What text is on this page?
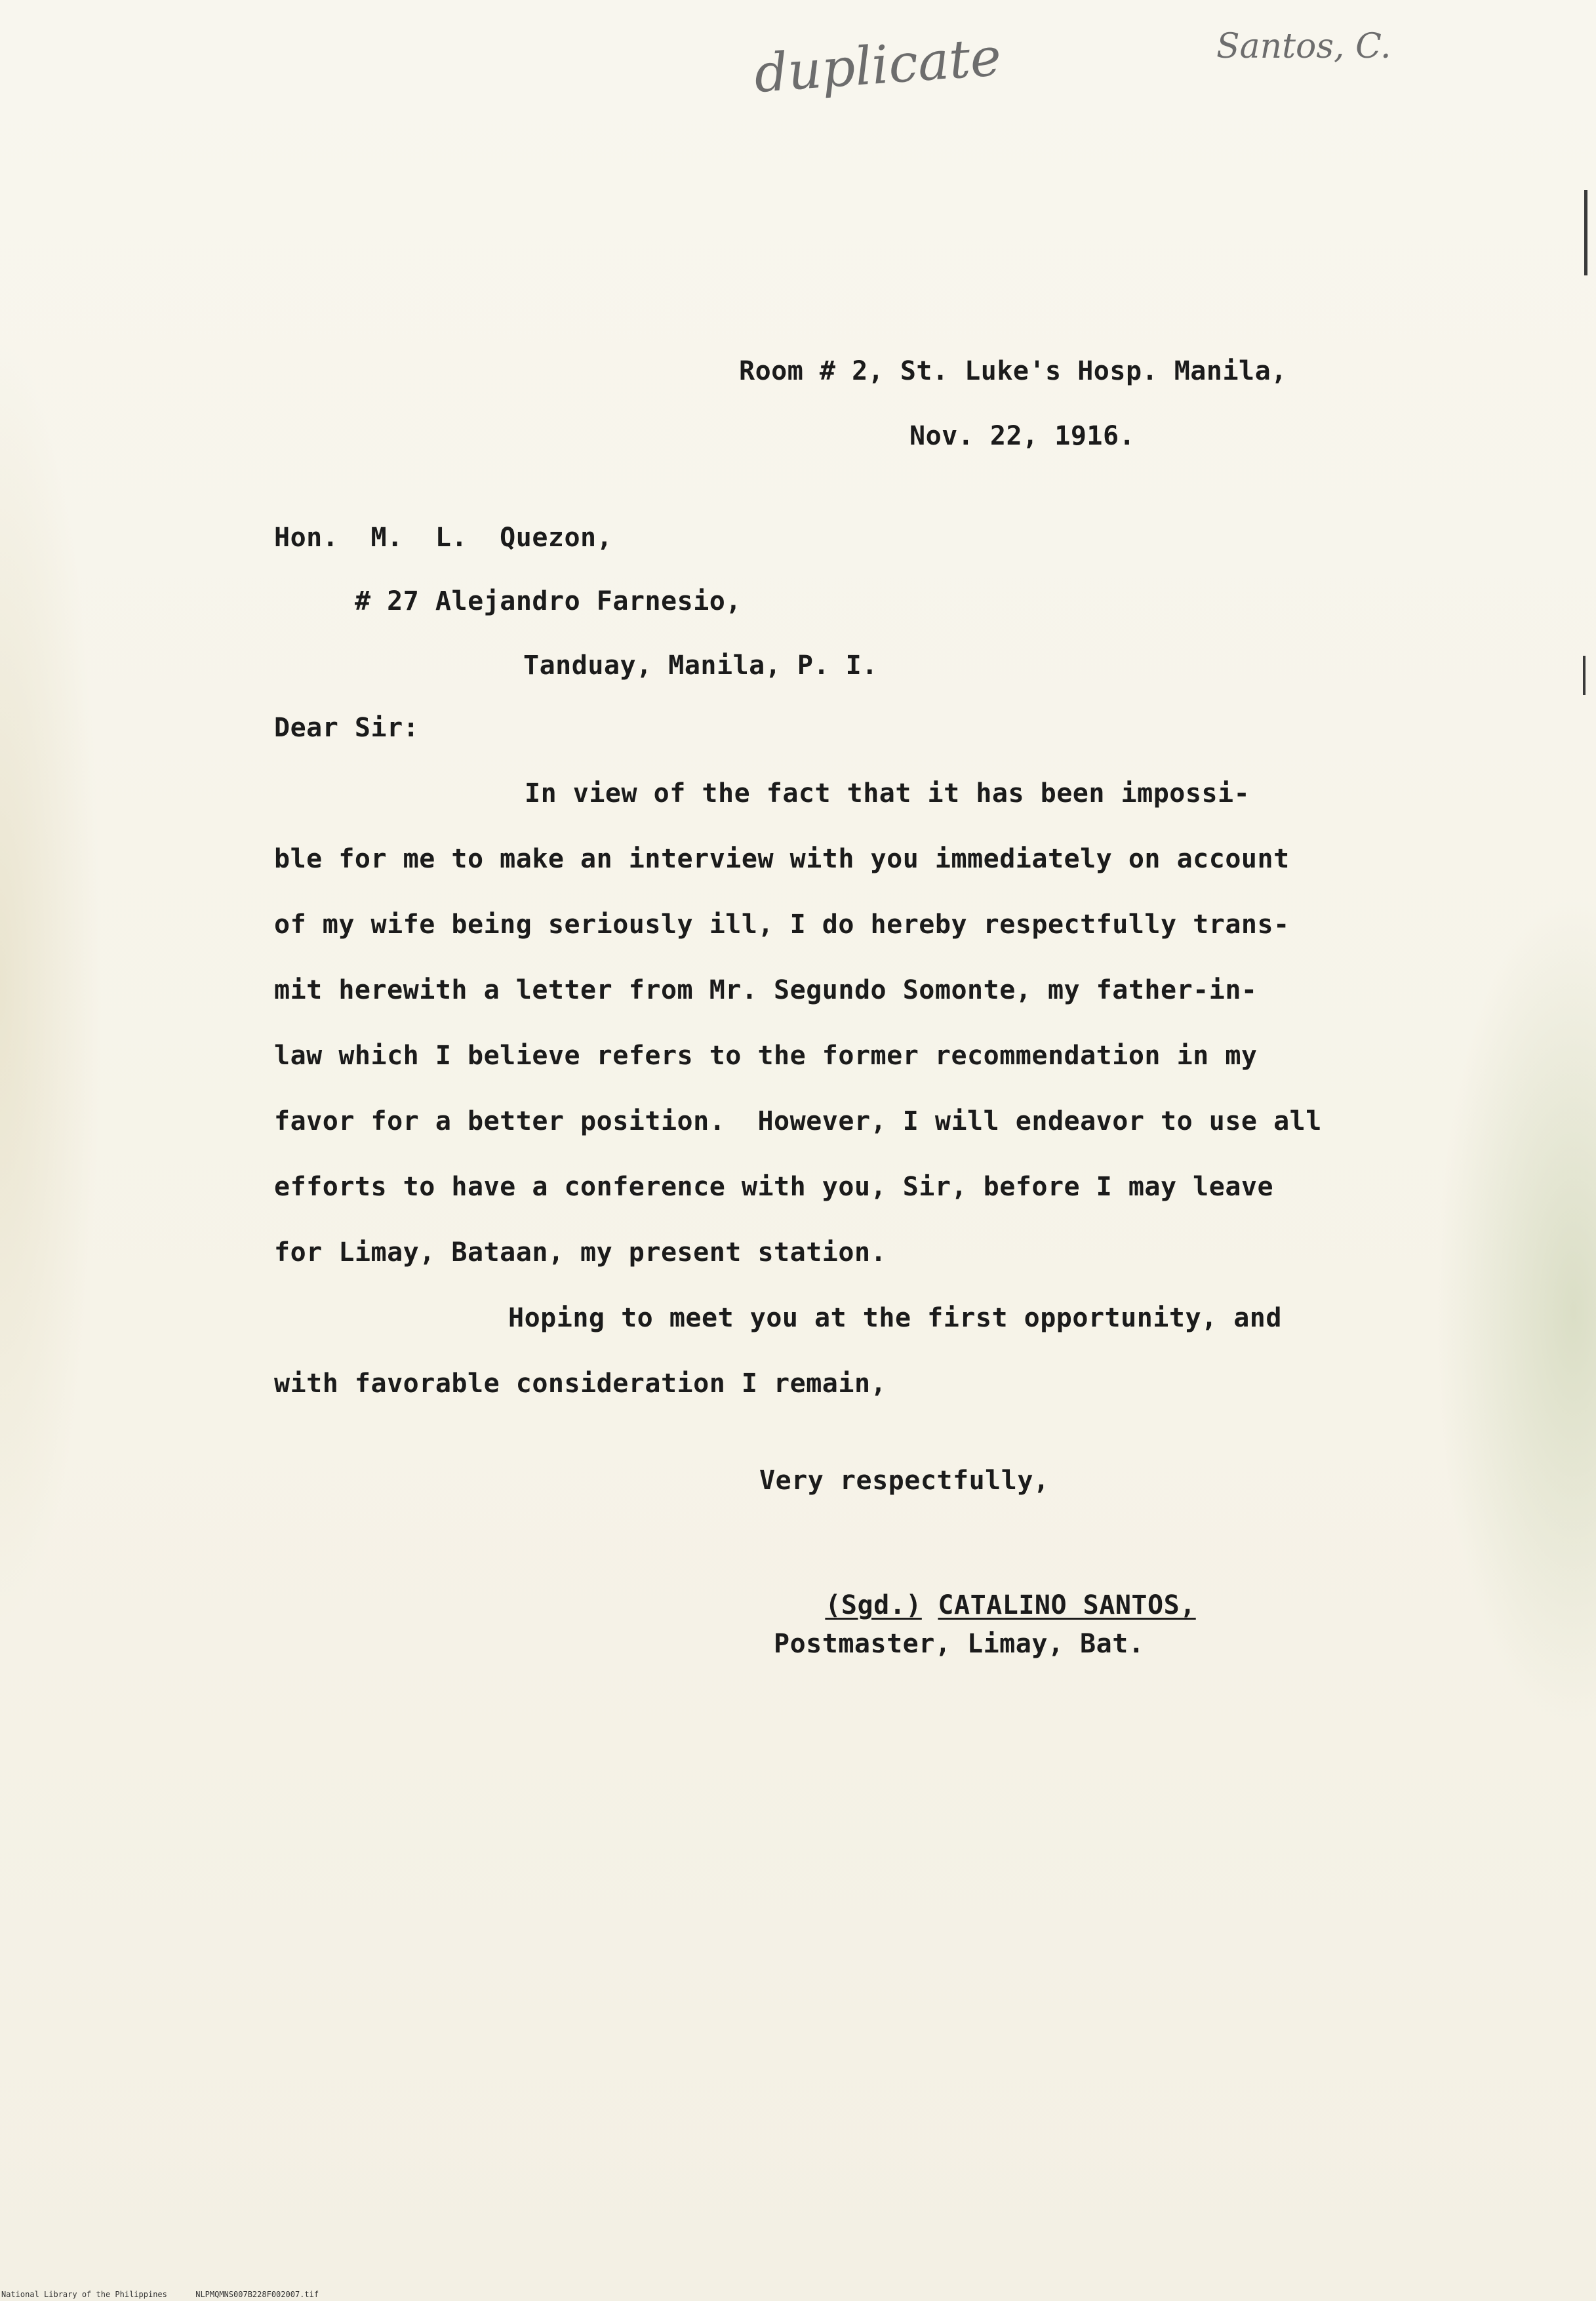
duplicate	Santos, C.
Room # 2, St. Luke's Hosp. Manila,
Nov. 22, 1916.
Hon.  M.  L.  Quezon,
# 27 Alejandro Farnesio,
Tanduay, Manila, P. I.
Dear Sir:
In view of the fact that it has been impossi-
ble for me to make an interview with you immediately on account
of my wife being seriously ill, I do hereby respectfully trans-
mit herewith a letter from Mr. Segundo Somonte, my father-in-
law which I believe refers to the former recommendation in my
favor for a better position.  However, I will endeavor to use all
efforts to have a conference with you, Sir, before I may leave
for Limay, Bataan, my present station.
Hoping to meet you at the first opportunity, and
with favorable consideration I remain,
Very respectfully,

(Sgd.) CATALINO SANTOS,

Postmaster, Limay, Bat.
National Library of the Philippines	NLPMQMNS007B228F002007.tif
